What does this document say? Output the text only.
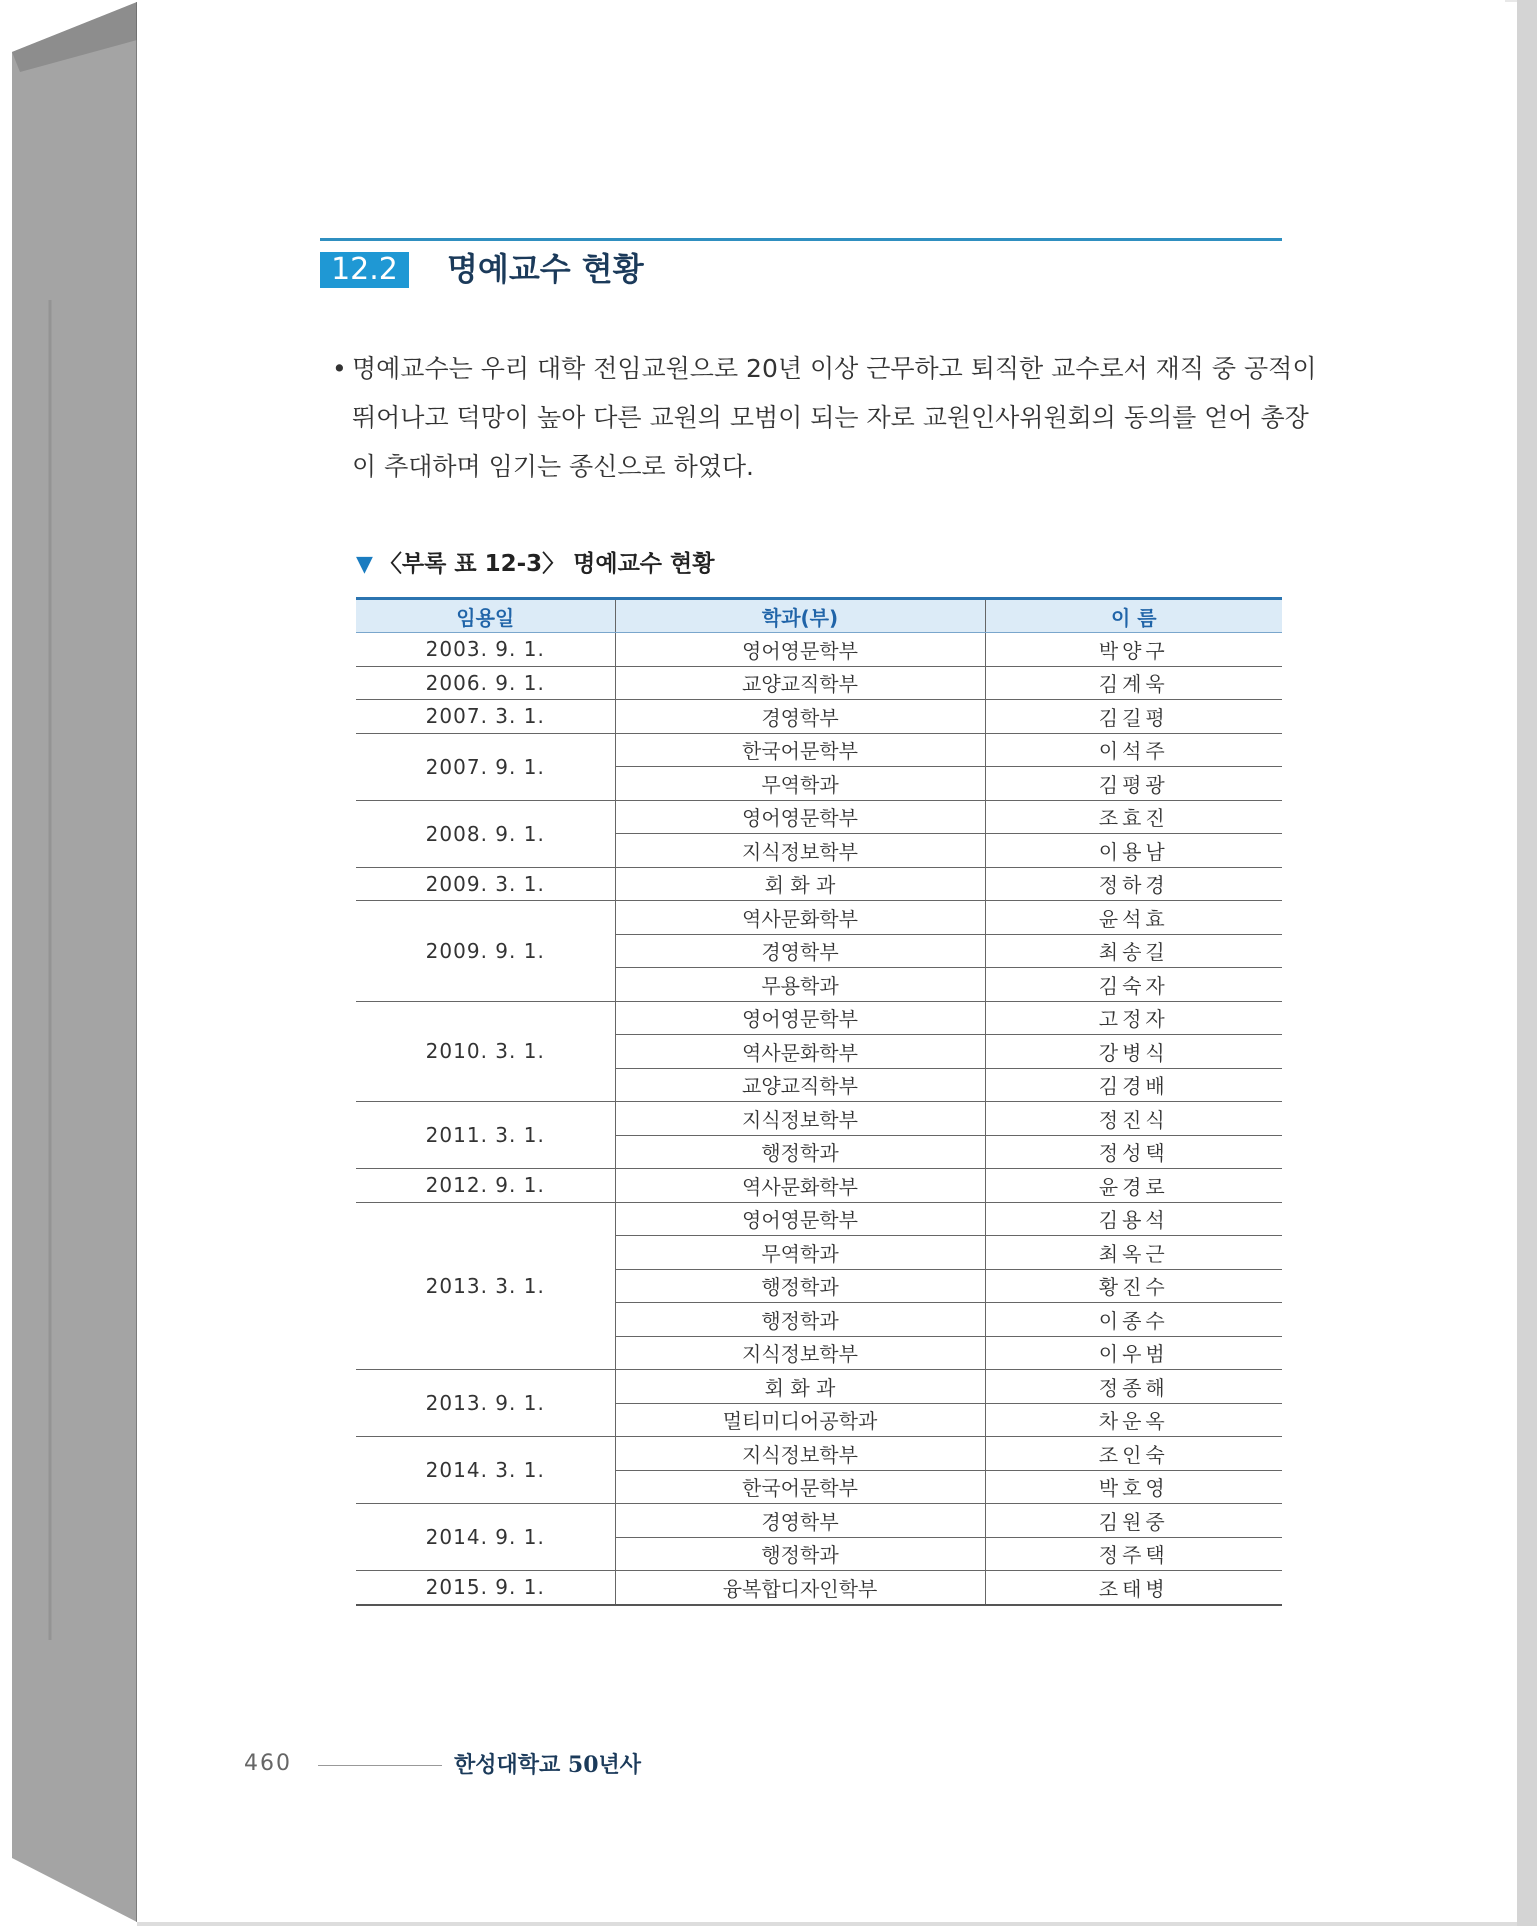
12.2	명예교수 현황
• 명예교수는 우리 대학 전임교원으로 20년 이상 근무하고 퇴직한 교수로서 재직 중 공적이

뛰어나고 덕망이 높아 다른 교원의 모범이 되는 자로 교원인사위원회의 동의를 얻어 총장

이 추대하며 임기는 종신으로 하였다.

▼ 〈부록 표 12-3〉 명예교수 현황
임용일	학과(부)	이 름
2003. 9. 1.	영어영문학부	박양구
2006. 9. 1.	교양교직학부	김계욱
2007. 3. 1.	경영학부	김길평
2007. 9. 1.	한국어문학부	이석주
	무역학과	김평광
2008. 9. 1.	영어영문학부	조효진
	지식정보학부	이용남
2009. 3. 1.	회 화 과	정하경
2009. 9. 1.	역사문화학부	윤석효
	경영학부	최송길
	무용학과	김숙자
2010. 3. 1.	영어영문학부	고정자
	역사문화학부	강병식
	교양교직학부	김경배
2011. 3. 1.	지식정보학부	정진식
	행정학과	정성택
2012. 9. 1.	역사문화학부	윤경로
2013. 3. 1.	영어영문학부	김용석
	무역학과	최옥근
	행정학과	황진수
	행정학과	이종수
	지식정보학부	이우범
2013. 9. 1.	회 화 과	정종해
	멀티미디어공학과	차운옥
2014. 3. 1.	지식정보학부	조인숙
	한국어문학부	박호영
2014. 9. 1.	경영학부	김원중
	행정학과	정주택
2015. 9. 1.	융복합디자인학부	조태병
460	한성대학교 50년사
